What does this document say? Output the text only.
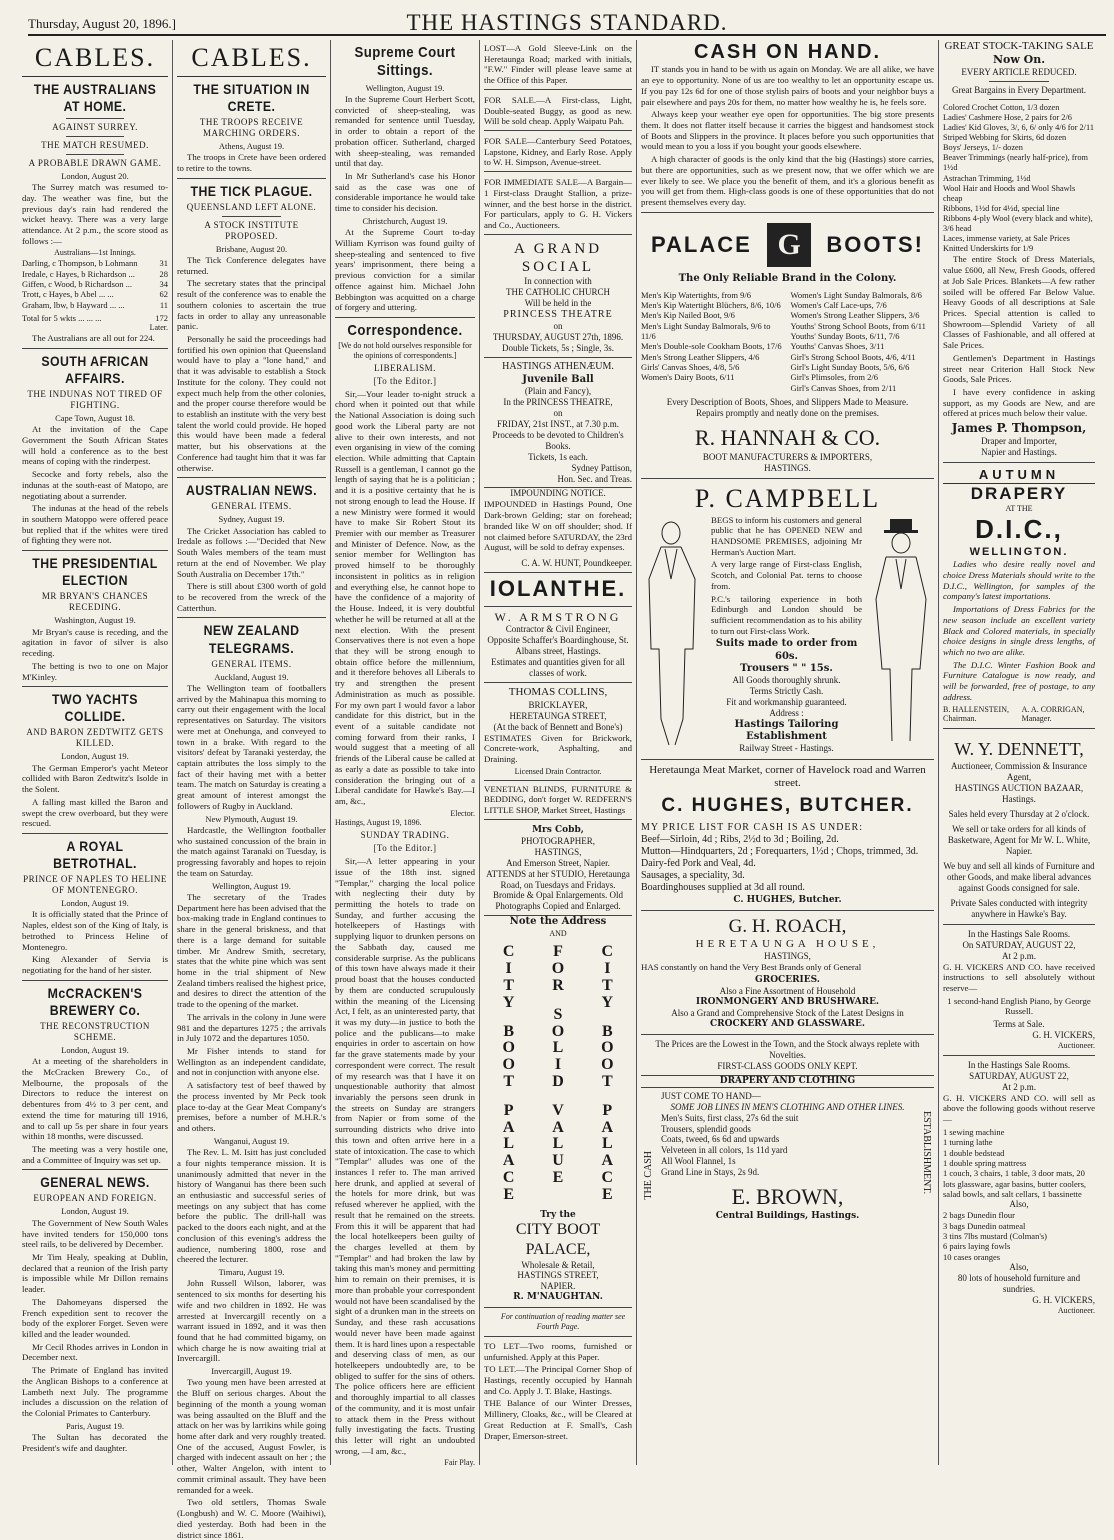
Thursday, August 20, 1896.]	THE HASTINGS STANDARD.
CABLES.
THE AUSTRALIANS AT HOME.
AGAINST SURREY.
THE MATCH RESUMED.
A PROBABLE DRAWN GAME.
London, August 20.

The Surrey match was resumed to-day. The weather was fine, but the previous day's rain had rendered the wicket heavy. There was a very large attendance. At 2 p.m., the score stood as follows :—

Australians—1st Innings.
Darling, c Thompson, b Lohmann	31
Iredale, c Hayes, b Richardson ...	28
Giffen, c Wood, b Richardson ...	34
Trott, c Hayes, b Abel ... ...	62
Graham, lbw, b Hayward ... ...	11
Total for 5 wkts ... ... ...	172
Later.

The Australians are all out for 224.

SOUTH AFRICAN AFFAIRS.
THE INDUNAS NOT TIRED OF FIGHTING.
Cape Town, August 18.

At the invitation of the Cape Government the South African States will hold a conference as to the best means of coping with the rinderpest.

Secocke and forty rebels, also the indunas at the south-east of Matopo, are negotiating about a surrender.

The indunas at the head of the rebels in southern Matoppo were offered peace but replied that if the whites were tired of fighting they were not.

THE PRESIDENTIAL ELECTION
MR BRYAN'S CHANCES RECEDING.
Washington, August 19.

Mr Bryan's cause is receding, and the agitation in favor of silver is also receding.

The betting is two to one on Major M'Kinley.

TWO YACHTS COLLIDE.
AND BARON ZEDTWITZ GETS KILLED.
London, August 19.

The German Emperor's yacht Meteor collided with Baron Zedtwitz's Isolde in the Solent.

A falling mast killed the Baron and swept the crew overboard, but they were rescued.

A ROYAL BETROTHAL.
PRINCE OF NAPLES TO HELINE OF MONTENEGRO.
London, August 19.

It is officially stated that the Prince of Naples, eldest son of the King of Italy, is betrothed to Princess Heline of Montenegro.

King Alexander of Servia is negotiating for the hand of her sister.

McCRACKEN'S BREWERY Co.
THE RECONSTRUCTION SCHEME.
London, August 19.

At a meeting of the shareholders in the McCracken Brewery Co., of Melbourne, the proposals of the Directors to reduce the interest on debentures from 4½ to 3 per cent, and extend the time for maturing till 1916, and to call up 5s per share in four years within 18 months, were discussed.

The meeting was a very hostile one, and a Committee of Inquiry was set up.

GENERAL NEWS.
EUROPEAN AND FOREIGN.
London, August 19.

The Government of New South Wales have invited tenders for 150,000 tons steel rails, to be delivered by December.

Mr Tim Healy, speaking at Dublin, declared that a reunion of the Irish party is impossible while Mr Dillon remains leader.

The Dahomeyans dispersed the French expedition sent to recover the body of the explorer Forget. Seven were killed and the leader wounded.

Mr Cecil Rhodes arrives in London in December next.

The Primate of England has invited the Anglican Bishops to a conference at Lambeth next July. The programme includes a discussion on the relation of the Colonial Primates to Canterbury.

Paris, August 19.

The Sultan has decorated the President's wife and daughter.

CABLES.
THE SITUATION IN CRETE.
THE TROOPS RECEIVE MARCHING ORDERS.
Athens, August 19.

The troops in Crete have been ordered to retire to the towns.

THE TICK PLAGUE.
QUEENSLAND LEFT ALONE.
A STOCK INSTITUTE PROPOSED.
Brisbane, August 20.

The Tick Conference delegates have returned.

The secretary states that the principal result of the conference was to enable the southern colonies to ascertain the true facts in order to allay any unreasonable panic.

Personally he said the proceedings had fortified his own opinion that Queensland would have to play a "lone hand," and that it was advisable to establish a Stock Institute for the colony. They could not expect much help from the other colonies, and the proper course therefore would be to establish an institute with the very best talent the world could provide. He hoped this would have been made a federal matter, but his observations at the Conference had taught him that it was far otherwise.

AUSTRALIAN NEWS.
GENERAL ITEMS.
Sydney, August 19.

The Cricket Association has cabled to Iredale as follows :—"Decided that New South Wales members of the team must return at the end of November. We play South Australia on December 17th."

There is still about £300 worth of gold to be recovered from the wreck of the Catterthun.

NEW ZEALAND TELEGRAMS.
GENERAL ITEMS.
Auckland, August 19.

The Wellington team of footballers arrived by the Mahinapua this morning to carry out their engagement with the local representatives on Saturday. The visitors were met at Onehunga, and conveyed to town in a brake. With regard to the visitors' defeat by Taranaki yesterday, the captain attributes the loss simply to the fact of their having met with a better team. The match on Saturday is creating a great amount of interest amongst the followers of Rugby in Auckland.

New Plymouth, August 19.

Hardcastle, the Wellington footballer who sustained concussion of the brain in the match against Taranaki on Tuesday, is progressing favorably and hopes to rejoin the team on Saturday.

Wellington, August 19.

The secretary of the Trades Department here has been advised that the box-making trade in England continues to share in the general briskness, and that there is a large demand for suitable timber. Mr Andrew Smith, secretary, states that the white pine which was sent home in the trial shipment of New Zealand timbers realised the highest price, and desires to direct the attention of the trade to the opening of the market.

The arrivals in the colony in June were 981 and the departures 1275 ; the arrivals in July 1072 and the departures 1050.

Mr Fisher intends to stand for Wellington as an independent candidate, and not in conjunction with anyone else.

A satisfactory test of beef thawed by the process invented by Mr Peck took place to-day at the Gear Meat Company's premises, before a number of M.H.R.'s and others.

Wanganui, August 19.

The Rev. L. M. Isitt has just concluded a four nights temperance mission. It is unanimously admitted that never in the history of Wanganui has there been such an enthusiastic and successful series of meetings on any subject that has come before the public. The drill-hall was packed to the doors each night, and at the conclusion of this evening's address the audience, numbering 1800, rose and cheered the lecturer.

Timaru, August 19.

John Russell Wilson, laborer, was sentenced to six months for deserting his wife and two children in 1892. He was arrested at Invercargill recently on a warrant issued in 1892, and it was then found that he had committed bigamy, on which charge he is now awaiting trial at Invercargill.

Invercargill, August 19.

Two young men have been arrested at the Bluff on serious charges. About the beginning of the month a young woman was being assaulted on the Bluff and the attack on her was by larrikins while going home after dark and very roughly treated. One of the accused, August Fowler, is charged with indecent assault on her ; the other, Walter Angelon, with intent to commit criminal assault. They have been remanded for a week.

Two old settlers, Thomas Swale (Longbush) and W. C. Moore (Waihiwi), died yesterday. Both had been in the district since 1861.

Supreme Court Sittings.
Wellington, August 19.

In the Supreme Court Herbert Scott, convicted of sheep-stealing, was remanded for sentence until Tuesday, in order to obtain a report of the probation officer. Sutherland, charged with sheep-stealing, was remanded until that day.

In Mr Sutherland's case his Honor said as the case was one of considerable importance he would take time to consider his decision.

Christchurch, August 19.

At the Supreme Court to-day William Kyrrison was found guilty of sheep-stealing and sentenced to five years' imprisonment, there being a previous conviction for a similar offence against him. Michael John Bebbington was acquitted on a charge of forgery and uttering.

Correspondence.
[We do not hold ourselves responsible for the opinions of correspondents.]
LIBERALISM.
[To the Editor.]

Sir,—Your leader to-night struck a chord when it pointed out that while the National Association is doing such good work the Liberal party are not alive to their own interests, and not even organising in view of the coming election. While admitting that Captain Russell is a gentleman, I cannot go the length of saying that he is a politician ; and it is a positive certainty that he is not strong enough to lead the House. If a new Ministry were formed it would have to make Sir Robert Stout its Premier with our member as Treasurer and Minister of Defence. Now, as the senior member for Wellington has proved himself to be thoroughly inconsistent in politics as in religion and everything else, he cannot hope to have the confidence of a majority of the House. Indeed, it is very doubtful whether he will be returned at all at the next election. With the present Conservatives there is not even a hope that they will be strong enough to obtain office before the millennium, and it therefore behoves all Liberals to try and strengthen the present Administration as much as possible. For my own part I would favor a labor candidate for this district, but in the event of a suitable candidate not coming forward from their ranks, I would suggest that a meeting of all friends of the Liberal cause be called at as early a date as possible to take into consideration the bringing out of a Liberal candidate for Hawke's Bay.—I am, &c.,

Elector.
Hastings, August 19, 1896.
SUNDAY TRADING.
[To the Editor.]

Sir,—A letter appearing in your issue of the 18th inst. signed "Templar," charging the local police with neglecting their duty by permitting the hotels to trade on Sunday, and further accusing the hotelkeepers of Hastings with supplying liquor to drunken persons on the Sabbath day, caused me considerable surprise. As the publicans of this town have always made it their proud boast that the houses conducted by them are conducted scrupulously within the meaning of the Licensing Act, I felt, as an uninterested party, that it was my duty—in justice to both the police and the publicans—to make enquiries in order to ascertain on how far the grave statements made by your correspondent were correct. The result of my research was that I have it on unquestionable authority that almost invariably the persons seen drunk in the streets on Sunday are strangers from Napier or from some of the surrounding districts who drive into this town and often arrive here in a state of intoxication. The case to which "Templar" alludes was one of the instances I refer to. The man arrived here drunk, and applied at several of the hotels for more drink, but was refused wherever he applied, with the result that he remained on the streets. From this it will be apparent that had the local hotelkeepers been guilty of the charges levelled at them by "Templar" and had broken the law by taking this man's money and permitting him to remain on their premises, it is more than probable your correspondent would not have been scandalised by the sight of a drunken man in the streets on Sunday, and these rash accusations would never have been made against them. It is hard lines upon a respectable and deserving class of men, as our hotelkeepers undoubtedly are, to be obliged to suffer for the sins of others. The police officers here are efficient and thoroughly impartial to all classes of the community, and it is most unfair to attack them in the Press without fully investigating the facts. Trusting this letter will right an undoubted wrong, —I am, &c.,

Fair Play.

LOST—A Gold Sleeve-Link on the Heretaunga Road; marked with initials, "F.W." Finder will please leave same at the Office of this Paper.

FOR SALE.—A First-class, Light, Double-seated Buggy, as good as new. Will be sold cheap. Apply Waipatu Pah.

FOR SALE—Canterbury Seed Potatoes, Lapstone, Kidney, and Early Rose. Apply to W. H. Simpson, Avenue-street.

FOR IMMEDIATE SALE—A Bargain—1 First-class Draught Stallion, a prize-winner, and the best horse in the district. For particulars, apply to G. H. Vickers and Co., Auctioneers.

A GRAND SOCIAL
In connection with
THE CATHOLIC CHURCH
Will be held in the
PRINCESS THEATRE
on
THURSDAY, AUGUST 27th, 1896.
Double Tickets, 5s ; Single, 3s.
HASTINGS ATHENÆUM.
Juvenile Ball
(Plain and Fancy),
In the PRINCESS THEATRE,
on
FRIDAY, 21st INST., at 7.30 p.m.
Proceeds to be devoted to Children's Books.
Tickets, 1s each.
Sydney Pattison,
Hon. Sec. and Treas.
IMPOUNDING NOTICE.

IMPOUNDED in Hastings Pound, One Dark-brown Gelding; star on forehead; branded like W on off shoulder; shod. If not claimed before SATURDAY, the 23rd August, will be sold to defray expenses.

C. A. W. HUNT, Poundkeeper.
IOLANTHE.
W. ARMSTRONG
Contractor & Civil Engineer,
Opposite Schaffer's Boardinghouse, St. Albans street, Hastings.
Estimates and quantities given for all classes of work.
THOMAS COLLINS,
BRICKLAYER,
HERETAUNGA STREET,
(At the back of Bennett and Bone's)

ESTIMATES Given for Brickwork, Concrete-work, Asphalting, and Draining.

Licensed Drain Contractor.

VENETIAN BLINDS, FURNITURE & BEDDING, don't forget W. REDFERN'S LITTLE SHOP, Market Street, Hastings

Mrs Cobb,
PHOTOGRAPHER,
HASTINGS,
And Emerson Street, Napier.
ATTENDS at her STUDIO, Heretaunga Road, on Tuesdays and Fridays.
Bromide & Opal Enlargements. Old Photographs Copied and Enlarged.
Note the Address
AND
C
I
T
Y
B
O
O
T
P
A
L
A
C
E
F
O
R
S
O
L
I
D
V
A
L
U
E
C
I
T
Y
B
O
O
T
P
A
L
A
C
E
Try the
CITY BOOT PALACE,
Wholesale & Retail,
HASTINGS STREET,
NAPIER.
R. M'NAUGHTAN.

For continuation of reading matter see Fourth Page.

TO LET—Two rooms, furnished or unfurnished. Apply at this Paper.

TO LET.—The Principal Corner Shop of Hastings, recently occupied by Hannah and Co. Apply J. T. Blake, Hastings.

THE Balance of our Winter Dresses, Millinery, Cloaks, &c., will be Cleared at Great Reduction at F. Small's, Cash Draper, Emerson-street.

CASH ON HAND.

IT stands you in hand to be with us again on Monday. We are all alike, we have an eye to opportunity. None of us are too wealthy to let an opportunity escape us. If you pay 12s 6d for one of those stylish pairs of boots and your neighbor buys a pair elsewhere and pays 20s for them, no matter how wealthy he is, he feels sore.

Always keep your weather eye open for opportunities. The big store presents them. It does not flatter itself because it carries the biggest and handsomest stock of Boots and Slippers in the province. It places before you such opportunities that would mean to you a loss if you bought your goods elsewhere.

A high character of goods is the only kind that the big (Hastings) store carries, but there are opportunities, such as we present now, that we offer which we are ever likely to see. We place you the benefit of them, and it's a glorious benefit as you will get from them. High-class goods is one of these opportunities that do not present themselves every day.

PALACE G	BOOTS!
The Only Reliable Brand in the Colony.
Men's Kip Watertights, from 9/6
Men's Kip Watertight Blüchers, 8/6, 10/6
Men's Kip Nailed Boot, 9/6
Men's Light Sunday Balmorals, 9/6 to 11/6
Men's Double-sole Cookham Boots, 17/6
Men's Strong Leather Slippers, 4/6
Girls' Canvas Shoes, 4/8, 5/6
Women's Dairy Boots, 6/11
Women's Light Sunday Balmorals, 8/6
Women's Calf Lace-ups, 7/6
Women's Strong Leather Slippers, 3/6
Youths' Strong School Boots, from 6/11
Youths' Sunday Boots, 6/11, 7/6
Youths' Canvas Shoes, 3/11
Girl's Strong School Boots, 4/6, 4/11
Girl's Light Sunday Boots, 5/6, 6/6
Girl's Plimsoles, from 2/6
Girl's Canvas Shoes, from 2/11
Every Description of Boots, Shoes, and Slippers Made to Measure.
Repairs promptly and neatly done on the premises.
R. HANNAH & CO.
BOOT MANUFACTURERS & IMPORTERS,
HASTINGS.
P. CAMPBELL

BEGS to inform his customers and general public that he has OPENED NEW and HANDSOME PREMISES, adjoining Mr Herman's Auction Mart.

A very large range of First-class English, Scotch, and Colonial Pat. terns to choose from.

P.C.'s tailoring experience in both Edinburgh and London should be sufficient recommendation as to his ability to turn out First-class Work.

Suits made to order from 60s.
Trousers " " 15s.
All Goods thoroughly shrunk.
Terms Strictly Cash.
Fit and workmanship guaranteed.
Address :
Hastings Tailoring Establishment
Railway Street - Hastings.
Heretaunga Meat Market, corner of Havelock road and Warren street.
C. HUGHES, BUTCHER.
MY PRICE LIST FOR CASH IS AS UNDER:
Beef—Sirloin, 4d ; Ribs, 2½d to 3d ; Boiling, 2d.
Mutton—Hindquarters, 2d ; Forequarters, 1½d ; Chops, trimmed, 3d.
Dairy-fed Pork and Veal, 4d.
Sausages, a speciality, 3d.
Boardinghouses supplied at 3d all round.
C. HUGHES, Butcher.
G. H. ROACH,
HERETAUNGA HOUSE,
HASTINGS,

HAS constantly on hand the Very Best Brands only of General

GROCERIES.
Also a Fine Assortment of Household
IRONMONGERY AND BRUSHWARE.
Also a Grand and Comprehensive Stock of the Latest Designs in
CROCKERY AND GLASSWARE.
The Prices are the Lowest in the Town, and the Stock always replete with Novelties.
FIRST-CLASS GOODS ONLY KEPT.
DRAPERY AND CLOTHING
THE CASH	ESTABLISHMENT.
JUST COME TO HAND—
SOME JOB LINES IN MEN'S CLOTHING AND OTHER LINES.
Men's Suits, first class, 27s 6d the suit
Trousers, splendid goods
Coats, tweed, 6s 6d and upwards
Velveteen in all colors, 1s 11d yard
All Wool Flannel, 1s
Grand Line in Stays, 2s 9d.
E. BROWN,
Central Buildings, Hastings.
GREAT STOCK-TAKING SALE
Now On.
EVERY ARTICLE REDUCED.
Great Bargains in Every Department.
Colored Crochet Cotton, 1/3 dozen
Ladies' Cashmere Hose, 2 pairs for 2/6
Ladies' Kid Gloves, 3/, 6, 6/ only 4/6 for 2/11
Striped Webbing for Skirts, 6d dozen
Boys' Jerseys, 1/- dozen
Beaver Trimmings (nearly half-price), from 1½d
Astrachan Trimming, 1½d
Wool Hair and Hoods and Wool Shawls cheap
Ribbons, 1½d for 4½d, special line
Ribbons 4-ply Wool (every black and white), 3/6 head
Laces, immense variety, at Sale Prices
Knitted Underskirts for 1/9

The entire Stock of Dress Materials, value £600, all New, Fresh Goods, offered at Job Sale Prices. Blankets—A few rather soiled will be offered Far Below Value. Heavy Goods of all descriptions at Sale Prices. Special attention is called to Showroom—Splendid Variety of all Classes of Fashionable, and all offered at Sale Prices.

Gentlemen's Department in Hastings street near Criterion Hall Stock New Goods, Sale Prices.

I have every confidence in asking support, as my Goods are New, and are offered at prices much below their value.

James P. Thompson,
Draper and Importer,
Napier and Hastings.
AUTUMN
DRAPERY
AT THE
D.I.C.,
WELLINGTON.

Ladies who desire really novel and choice Dress Materials should write to the D.I.C., Wellington, for samples of the company's latest importations.

Importations of Dress Fabrics for the new season include an excellent variety Black and Colored materials, in specially choice designs in single dress lengths, of which no two are alike.

The D.I.C. Winter Fashion Book and Furniture Catalogue is now ready, and will be forwarded, free of postage, to any address.

B. HALLENSTEIN, Chairman.
A. A. CORRIGAN, Manager.
W. Y. DENNETT,
Auctioneer, Commission & Insurance Agent,
HASTINGS AUCTION BAZAAR,
Hastings.
Sales held every Thursday at 2 o'clock.
We sell or take orders for all kinds of Basketware, Agent for Mr W. L. White, Napier.
We buy and sell all kinds of Furniture and other Goods, and make liberal advances against Goods consigned for sale.
Private Sales conducted with integrity anywhere in Hawke's Bay.
In the Hastings Sale Rooms.
On SATURDAY, AUGUST 22,
At 2 p.m.

G. H. VICKERS AND CO. have received instructions to sell absolutely without reserve—

1 second-hand English Piano, by George Russell.

Terms at Sale.
G. H. VICKERS,
Auctioneer.
In the Hastings Sale Rooms.
SATURDAY, AUGUST 22,
At 2 p.m.

G. H. VICKERS AND CO. will sell as above the following goods without reserve—

1 sewing machine
1 turning lathe
1 double bedstead
1 double spring mattress
1 couch, 3 chairs, 1 table, 3 door mats, 20 lots glassware, agar basins, butter coolers, salad bowls, and salt cellars, 1 bassinette
Also,
2 bags Dunedin flour
3 bags Dunedin oatmeal
3 tins 7lbs mustard (Colman's)
6 pairs laying fowls
10 cases oranges
Also,
80 lots of household furniture and sundries.
G. H. VICKERS,
Auctioneer.
